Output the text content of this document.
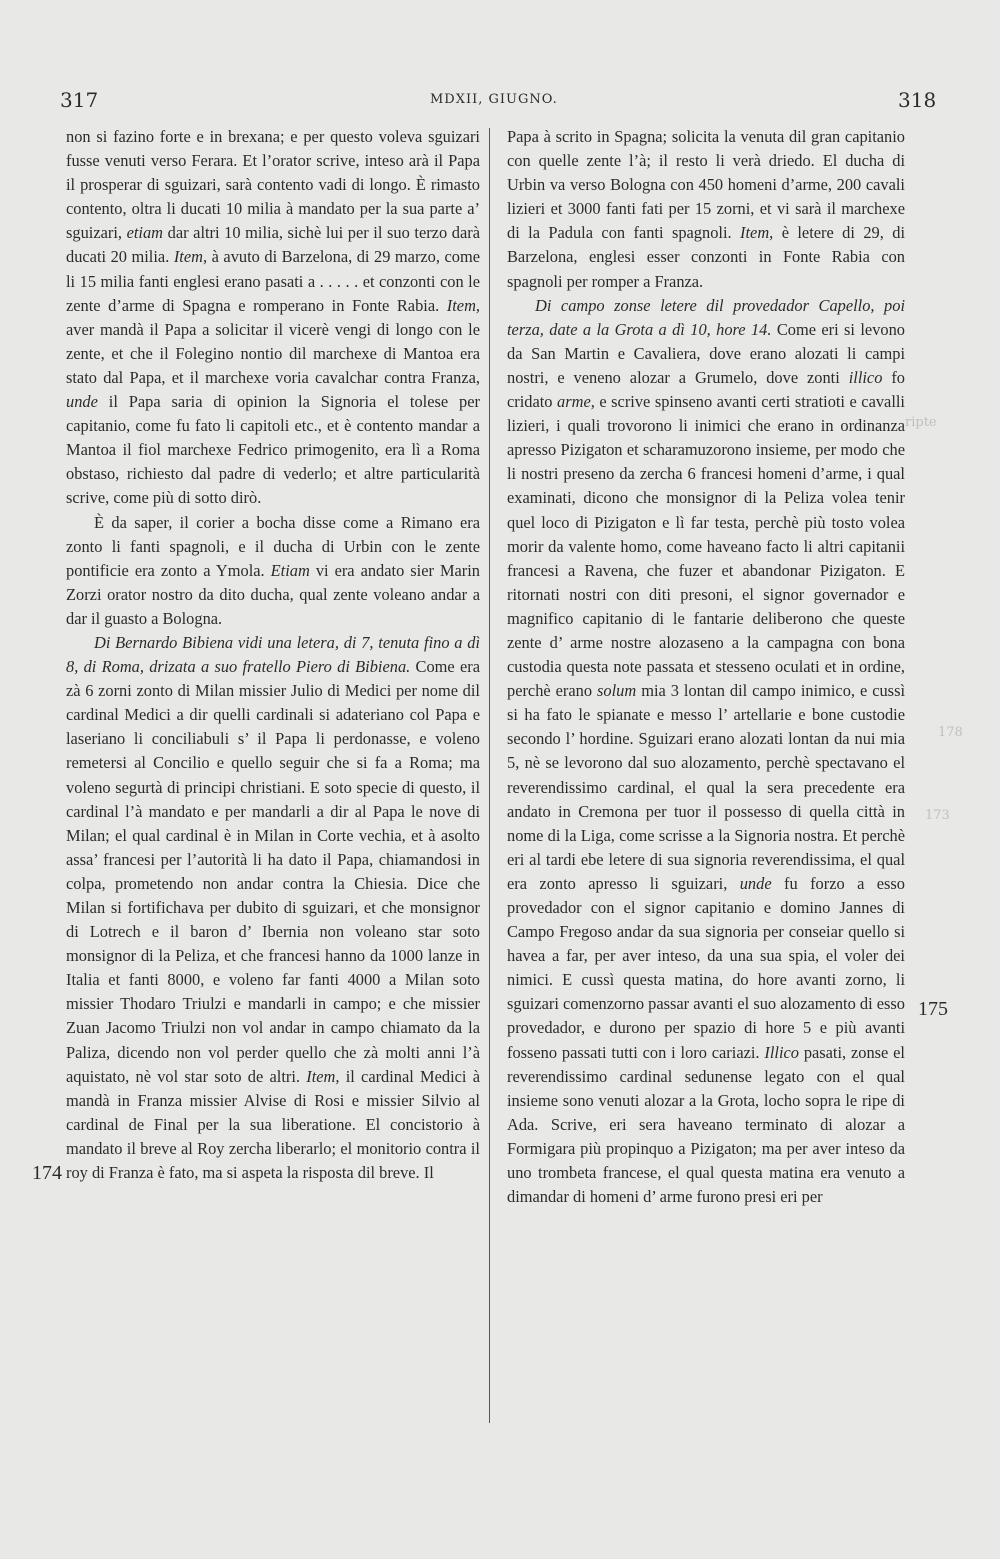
317	MDXII, GIUGNO.	318

non si fazino forte e in brexana; e per questo voleva sguizari fusse venuti verso Ferara. Et l’orator scrive, inteso arà il Papa il prosperar di sguizari, sarà contento vadi di longo. È rimasto contento, oltra li ducati 10 milia à mandato per la sua parte a’ sguizari, etiam dar altri 10 milia, sichè lui per il suo terzo darà ducati 20 milia. Item, à avuto di Barzelona, di 29 marzo, come li 15 milia fanti englesi erano pasati a . . . . . et conzonti con le zente d’arme di Spagna e romperano in Fonte Rabia. Item, aver mandà il Papa a solicitar il vicerè vengi di longo con le zente, et che il Folegino nontio dil marchexe di Mantoa era stato dal Papa, et il marchexe voria cavalchar contra Franza, unde il Papa saria di opinion la Signoria el tolese per capitanio, come fu fato li capitoli etc., et è contento mandar a Mantoa il fiol marchexe Fedrico primogenito, era lì a Roma obstaso, richiesto dal padre di vederlo; et altre particularità scrive, come più di sotto dirò.

È da saper, il corier a bocha disse come a Rimano era zonto li fanti spagnoli, e il ducha di Urbin con le zente pontificie era zonto a Ymola. Etiam vi era andato sier Marin Zorzi orator nostro da dito ducha, qual zente voleano andar a dar il guasto a Bologna.

Di Bernardo Bibiena vidi una letera, di 7, tenuta fino a dì 8, di Roma, drizata a suo fratello Piero di Bibiena. Come era zà 6 zorni zonto di Milan missier Julio di Medici per nome dil cardinal Medici a dir quelli cardinali si adateriano col Papa e laseriano li conciliabuli s’ il Papa li perdonasse, e voleno remetersi al Concilio e quello seguir che si fa a Roma; ma voleno segurtà di principi christiani. E soto specie di questo, il cardinal l’à mandato e per mandarli a dir al Papa le nove di Milan; el qual cardinal è in Milan in Corte vechia, et à asolto assa’ francesi per l’autorità li ha dato il Papa, chiamandosi in colpa, prometendo non andar contra la Chiesia. Dice che Milan si fortifichava per dubito di sguizari, et che monsignor di Lotrech e il baron d’ Ibernia non voleano star soto monsignor di la Peliza, et che francesi hanno da 1000 lanze in Italia et fanti 8000, e voleno far fanti 4000 a Milan soto missier Thodaro Triulzi e mandarli in campo; e che missier Zuan Jacomo Triulzi non vol andar in campo chiamato da la Paliza, dicendo non vol perder quello che zà molti anni l’à aquistato, nè vol star soto de altri. Item, il cardinal Medici à mandà in Franza missier Alvise di Rosi e missier Silvio al cardinal de Final per la sua liberatione. El concistorio à mandato il breve al Roy zercha liberarlo; el monitorio contra il roy di Franza è fato, ma si aspeta la risposta dil breve. Il

Papa à scrito in Spagna; solicita la venuta dil gran capitanio con quelle zente l’à; il resto li verà driedo. El ducha di Urbin va verso Bologna con 450 homeni d’arme, 200 cavali lizieri et 3000 fanti fati per 15 zorni, et vi sarà il marchexe di la Padula con fanti spagnoli. Item, è letere di 29, di Barzelona, englesi esser conzonti in Fonte Rabia con spagnoli per romper a Franza.

Di campo zonse letere dil provedador Capello, poi terza, date a la Grota a dì 10, hore 14. Come eri si levono da San Martin e Cavaliera, dove erano alozati li campi nostri, e veneno alozar a Grumelo, dove zonti illico fo cridato arme, e scrive spinseno avanti certi stratioti e cavalli lizieri, i quali trovorono li inimici che erano in ordinanza apresso Pizigaton et scharamuzorono insieme, per modo che li nostri preseno da zercha 6 francesi homeni d’arme, i qual examinati, dicono che monsignor di la Peliza volea tenir quel loco di Pizigaton e lì far testa, perchè più tosto volea morir da valente homo, come haveano facto li altri capitanii francesi a Ravena, che fuzer et abandonar Pizigaton. E ritornati nostri con diti presoni, el signor governador e magnifico capitanio di le fantarie deliberono che queste zente d’ arme nostre alozaseno a la campagna con bona custodia questa note passata et stesseno oculati et in ordine, perchè erano solum mia 3 lontan dil campo inimico, e cussì si ha fato le spianate e messo l’ artellarie e bone custodie secondo l’ hordine. Sguizari erano alozati lontan da nui mia 5, nè se levorono dal suo alozamento, perchè spectavano el reverendissimo cardinal, el qual la sera precedente era andato in Cremona per tuor il possesso di quella città in nome di la Liga, come scrisse a la Signoria nostra. Et perchè eri al tardi ebe letere di sua signoria reverendissima, el qual era zonto apresso li sguizari, unde fu forzo a esso provedador con el signor capitanio e domino Jannes di Campo Fregoso andar da sua signoria per conseiar quello si havea a far, per aver inteso, da una sua spia, el voler dei nimici. E cussì questa matina, do hore avanti zorno, li sguizari comenzorno passar avanti el suo alozamento di esso provedador, e durono per spazio di hore 5 e più avanti fosseno passati tutti con i loro cariazi. Illico pasati, zonse el reverendissimo cardinal sedunense legato con el qual insieme sono venuti alozar a la Grota, locho sopra le ripe di Ada. Scrive, eri sera haveano terminato di alozar a Formigara più propinquo a Pizigaton; ma per aver inteso da uno trombeta francese, el qual questa matina era venuto a dimandar di homeni d’ arme furono presi eri per

175
174
ripte
178
173
